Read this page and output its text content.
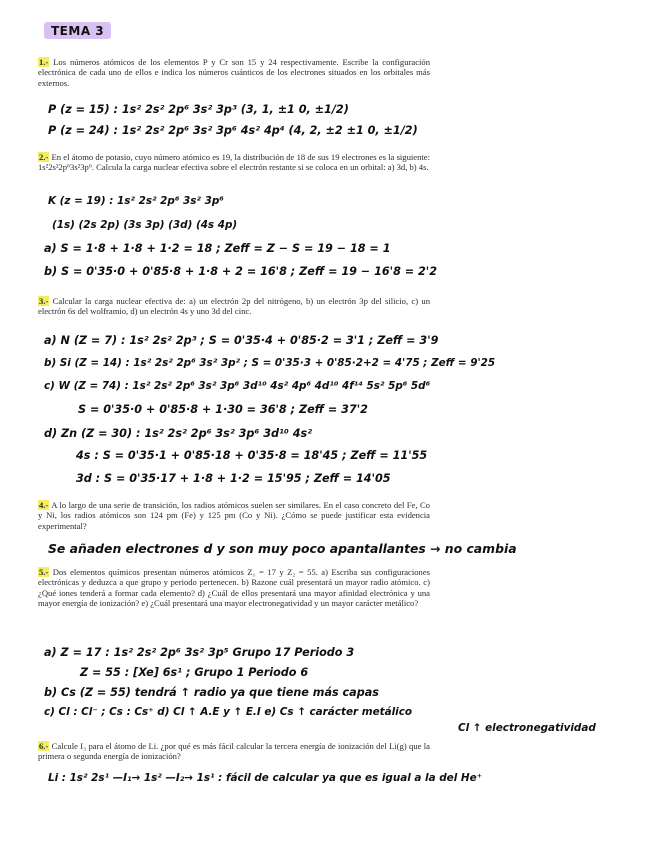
TEMA 3
1.- Los números atómicos de los elementos P y Cr son 15 y 24 respectivamente. Escribe la configuración electrónica de cada uno de ellos e indica los números cuánticos de los electrones situados en los orbitales más externos.
P (z = 15) : 1s² 2s² 2p⁶ 3s² 3p³ (3, 1, ±1 0, ±1/2)
P (z = 24) : 1s² 2s² 2p⁶ 3s² 3p⁶ 4s² 4p⁴ (4, 2, ±2 ±1 0, ±1/2)
2.- En el átomo de potasio, cuyo número atómico es 19, la distribución de 18 de sus 19 electrones es la siguiente: 1s²2s²2p⁶3s²3p⁶. Calcula la carga nuclear efectiva sobre el electrón restante si se coloca en un orbital: a) 3d, b) 4s.
K (z = 19) : 1s² 2s² 2p⁶ 3s² 3p⁶
(1s) (2s 2p) (3s 3p) (3d) (4s 4p)
a) S = 1·8 + 1·8 + 1·2 = 18 ; Zeff = Z − S = 19 − 18 = 1
b) S = 0'35·0 + 0'85·8 + 1·8 + 2 = 16'8 ; Zeff = 19 − 16'8 = 2'2
3.- Calcular la carga nuclear efectiva de: a) un electrón 2p del nitrógeno, b) un electrón 3p del silicio, c) un electrón 6s del wolframio, d) un electrón 4s y uno 3d del cinc.
a) N (Z = 7) : 1s² 2s² 2p³ ; S = 0'35·4 + 0'85·2 = 3'1 ; Zeff = 3'9
b) Si (Z = 14) : 1s² 2s² 2p⁶ 3s² 3p² ; S = 0'35·3 + 0'85·2+2 = 4'75 ; Zeff = 9'25
c) W (Z = 74) : 1s² 2s² 2p⁶ 3s² 3p⁶ 3d¹⁰ 4s² 4p⁶ 4d¹⁰ 4f¹⁴ 5s² 5p⁶ 5d⁶
S = 0'35·0 + 0'85·8 + 1·30 = 36'8 ; Zeff = 37'2
d) Zn (Z = 30) : 1s² 2s² 2p⁶ 3s² 3p⁶ 3d¹⁰ 4s²
4s : S = 0'35·1 + 0'85·18 + 0'35·8 = 18'45 ; Zeff = 11'55
3d : S = 0'35·17 + 1·8 + 1·2 = 15'95 ; Zeff = 14'05
4.- A lo largo de una serie de transición, los radios atómicos suelen ser similares. En el caso concreto del Fe, Co y Ni, los radios atómicos son 124 pm (Fe) y 125 pm (Co y Ni). ¿Cómo se puede justificar esta evidencia experimental?
Se añaden electrones d y son muy poco apantallantes → no cambia
5.- Dos elementos químicos presentan números atómicos Z₁ = 17 y Z₂ = 55. a) Escriba sus configuraciones electrónicas y deduzca a que grupo y periodo pertenecen. b) Razone cuál presentará un mayor radio atómico. c) ¿Qué iones tenderá a formar cada elemento? d) ¿Cuál de ellos presentará una mayor afinidad electrónica y una mayor energía de ionización? e) ¿Cuál presentará una mayor electronegatividad y un mayor carácter metálico?
a) Z = 17 : 1s² 2s² 2p⁶ 3s² 3p⁵ Grupo 17 Periodo 3
Z = 55 : [Xe] 6s¹ ; Grupo 1 Periodo 6
b) Cs (Z = 55) tendrá ↑ radio ya que tiene más capas
c) Cl : Cl⁻ ; Cs : Cs⁺ d) Cl ↑ A.E y ↑ E.I e) Cs ↑ carácter metálico
Cl ↑ electronegatividad
6.- Calcule I₃ para el átomo de Li. ¿por qué es más fácil calcular la tercera energía de ionización del Li(g) que la primera o segunda energía de ionización?
Li : 1s² 2s¹ —I₁→ 1s² —I₂→ 1s¹ : fácil de calcular ya que es igual a la del He⁺
